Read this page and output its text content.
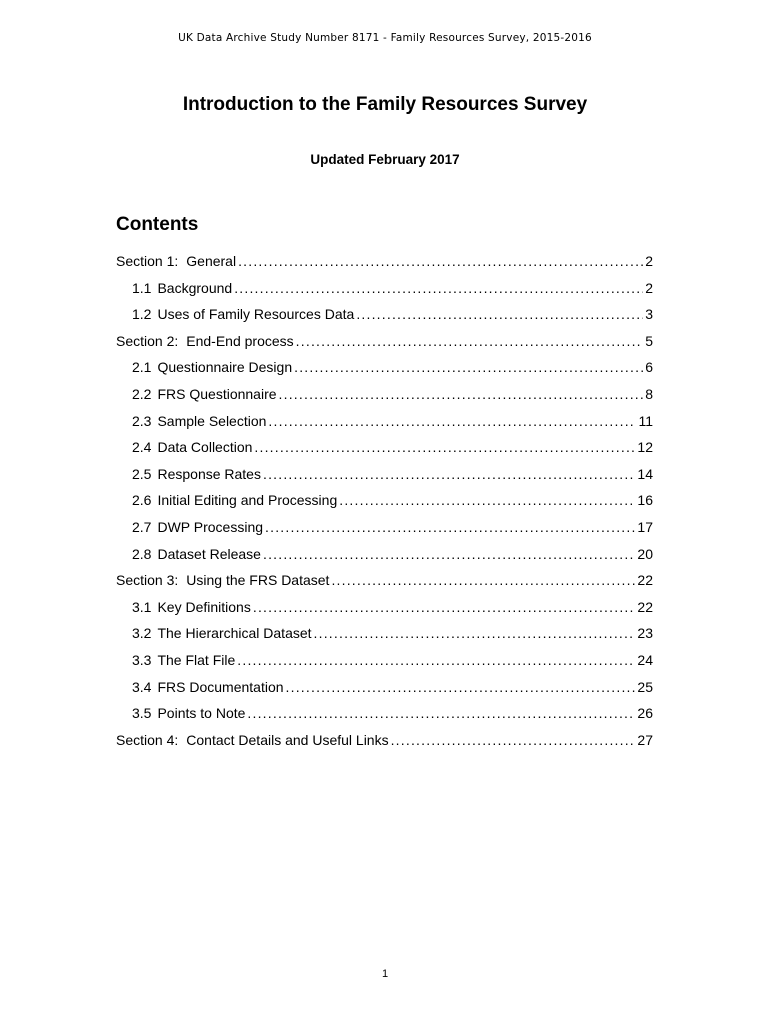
UK Data Archive Study Number 8171 - Family Resources Survey, 2015-2016
Introduction to the Family Resources Survey
Updated February 2017
Contents
Section 1: General .....	2
1.1 Background .....	2
1.2 Uses of Family Resources Data .....	3
Section 2: End-End process .....	5
2.1 Questionnaire Design .....	6
2.2 FRS Questionnaire .....	8
2.3 Sample Selection .....	11
2.4 Data Collection .....	12
2.5 Response Rates .....	14
2.6 Initial Editing and Processing .....	16
2.7 DWP Processing .....	17
2.8 Dataset Release .....	20
Section 3: Using the FRS Dataset .....	22
3.1 Key Definitions .....	22
3.2 The Hierarchical Dataset .....	23
3.3 The Flat File .....	24
3.4 FRS Documentation .....	25
3.5 Points to Note .....	26
Section 4: Contact Details and Useful Links .....	27
1
